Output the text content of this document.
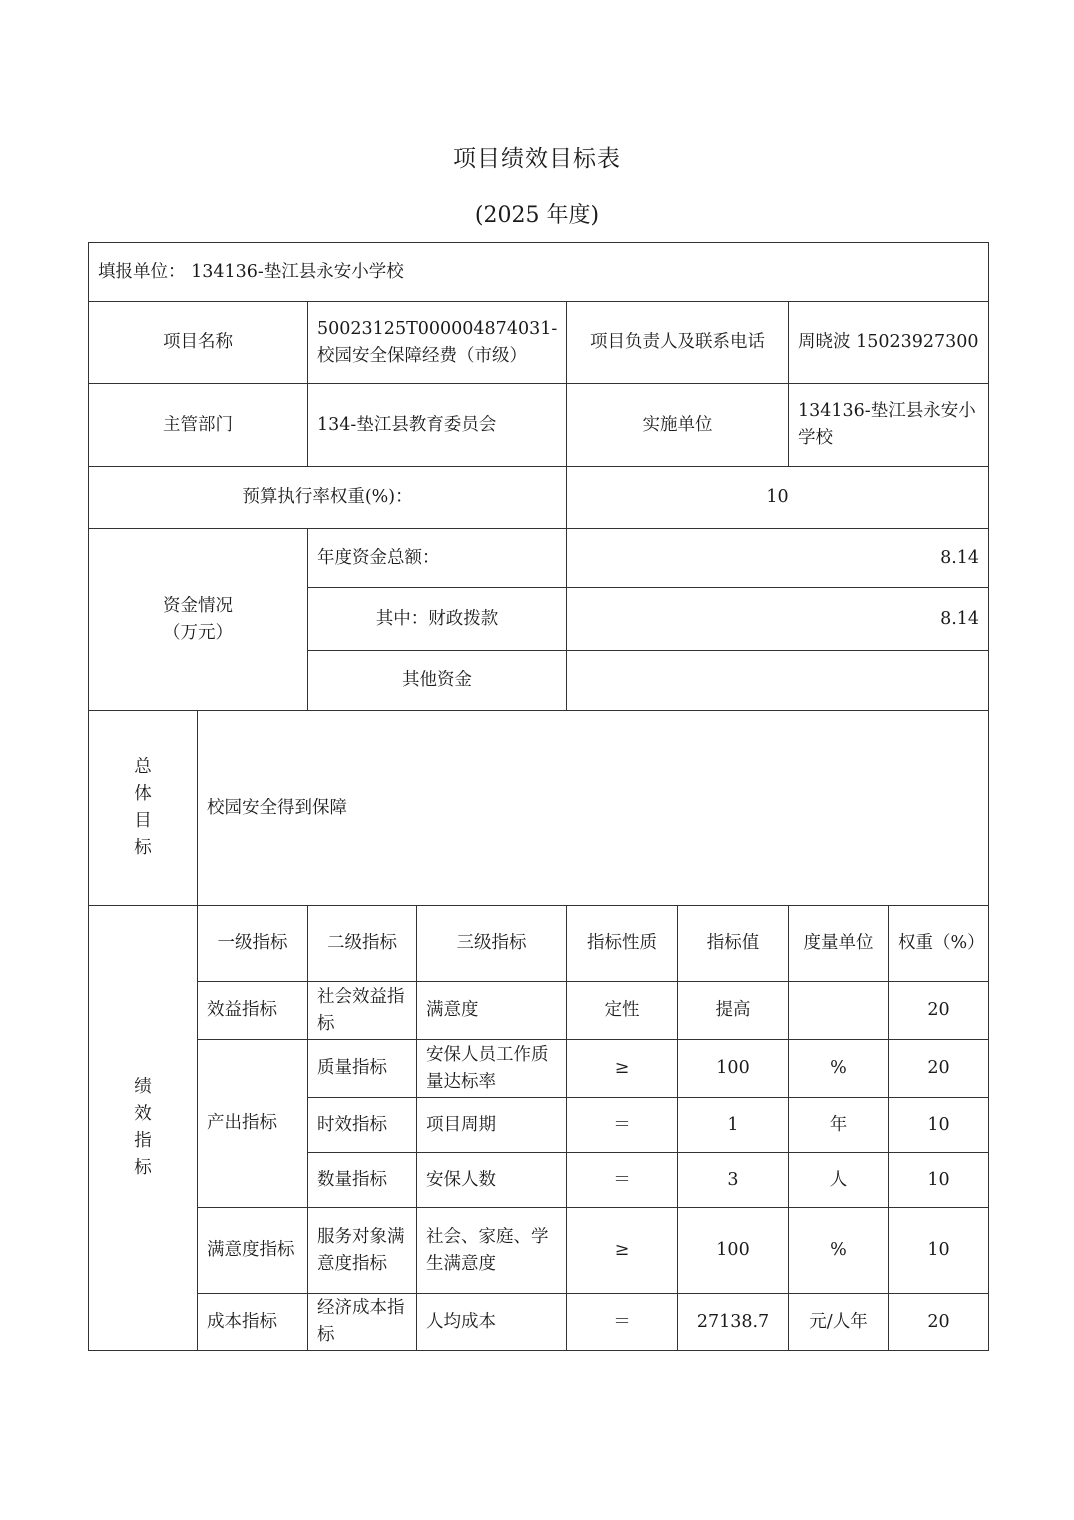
项目绩效目标表
(2025 年度)
填报单位： 134136-垫江县永安小学校							
项目名称		50023125T000004874031-校园安全保障经费（市级）		项目负责人及联系电话		周晓波 15023927300	
主管部门		134-垫江县教育委员会		实施单位		134136-垫江县永安小学校	
预算执行率权重(%)：				10			

资金情况
（万元）		年度资金总额：		8.14			
		其中：财政拨款		8.14			
		其他资金					

总
体
目
标	校园安全得到保障						

绩
效
指
标	一级指标	二级指标	三级指标	指标性质	指标值	度量单位	权重（%）
	效益指标	社会效益指标	满意度	定性	提高		20
	产出指标	质量指标	安保人员工作质量达标率	≥	100	%	20
		时效指标	项目周期	＝	1	年	10
		数量指标	安保人数	＝	3	人	10
	满意度指标	服务对象满意度指标	社会、家庭、学生满意度	≥	100	%	10
	成本指标	经济成本指标	人均成本	＝	27138.7	元/人年	20
